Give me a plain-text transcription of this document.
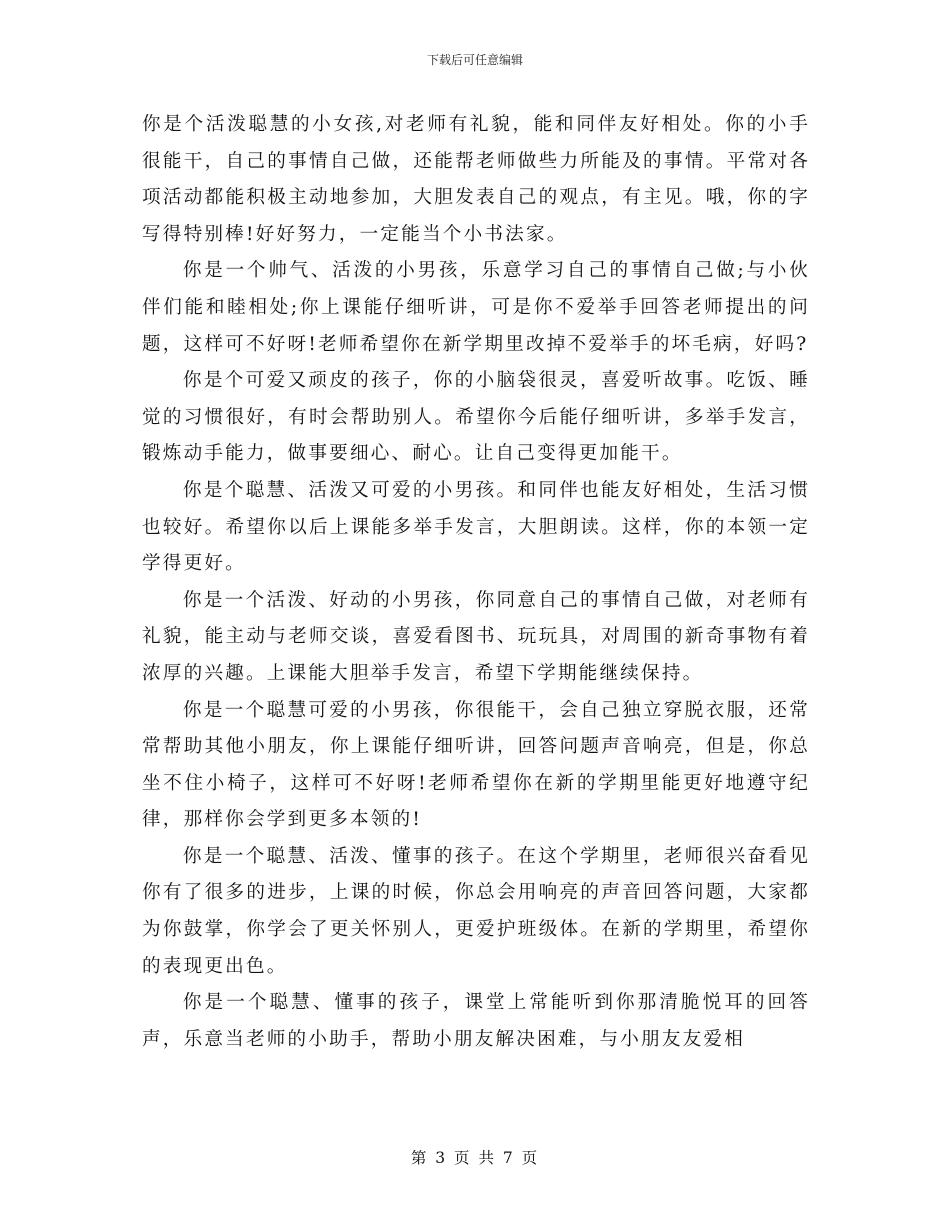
下载后可任意编辑

你是个活泼聪慧的小女孩,对老师有礼貌，能和同伴友好相处。你的小手很能干，自己的事情自己做，还能帮老师做些力所能及的事情。平常对各项活动都能积极主动地参加，大胆发表自己的观点，有主见。哦，你的字写得特别棒!好好努力，一定能当个小书法家。

你是一个帅气、活泼的小男孩，乐意学习自己的事情自己做;与小伙伴们能和睦相处;你上课能仔细听讲，可是你不爱举手回答老师提出的问题，这样可不好呀!老师希望你在新学期里改掉不爱举手的坏毛病，好吗?

你是个可爱又顽皮的孩子，你的小脑袋很灵，喜爱听故事。吃饭、睡觉的习惯很好，有时会帮助别人。希望你今后能仔细听讲，多举手发言，锻炼动手能力，做事要细心、耐心。让自己变得更加能干。

你是个聪慧、活泼又可爱的小男孩。和同伴也能友好相处，生活习惯也较好。希望你以后上课能多举手发言，大胆朗读。这样，你的本领一定学得更好。

你是一个活泼、好动的小男孩，你同意自己的事情自己做，对老师有礼貌，能主动与老师交谈，喜爱看图书、玩玩具，对周围的新奇事物有着浓厚的兴趣。上课能大胆举手发言，希望下学期能继续保持。

你是一个聪慧可爱的小男孩，你很能干，会自己独立穿脱衣服，还常常帮助其他小朋友，你上课能仔细听讲，回答问题声音响亮，但是，你总坐不住小椅子，这样可不好呀!老师希望你在新的学期里能更好地遵守纪律，那样你会学到更多本领的!

你是一个聪慧、活泼、懂事的孩子。在这个学期里，老师很兴奋看见你有了很多的进步，上课的时候，你总会用响亮的声音回答问题，大家都为你鼓掌，你学会了更关怀别人，更爱护班级体。在新的学期里，希望你的表现更出色。

你是一个聪慧、懂事的孩子，课堂上常能听到你那清脆悦耳的回答声，乐意当老师的小助手，帮助小朋友解决困难，与小朋友友爱相

第 3 页 共 7 页
